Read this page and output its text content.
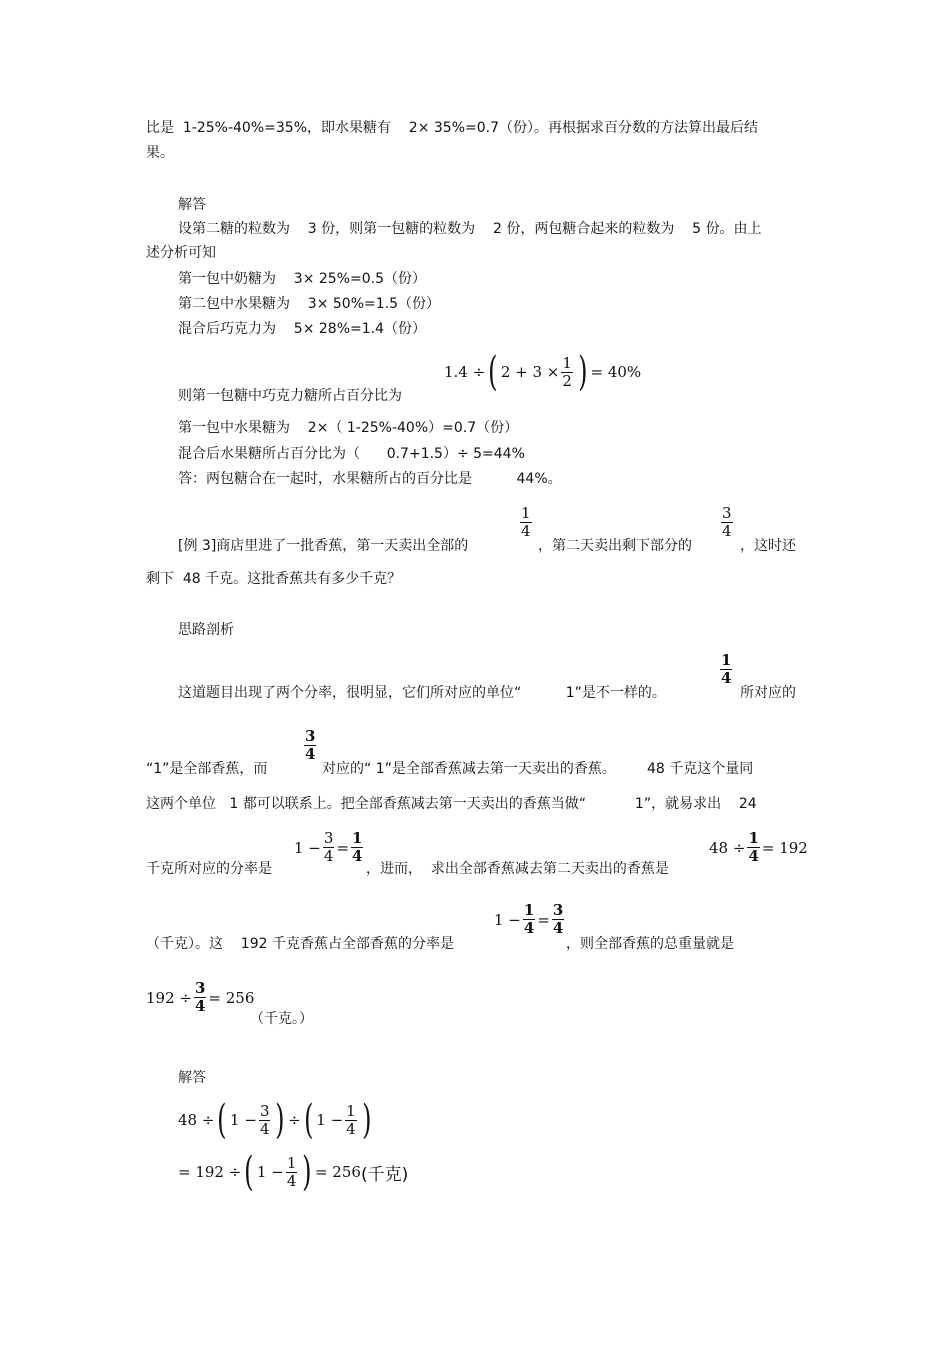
比是  1-25%-40%=35%，即水果糖有    2× 35%=0.7（份）。再根据求百分数的方法算出最后结
果。
解答
设第二糖的粒数为    3 份，则第一包糖的粒数为    2 份，两包糖合起来的粒数为    5 份。由上
述分析可知
第一包中奶糖为    3× 25%=0.5（份）
第二包中水果糖为    3× 50%=1.5（份）
混合后巧克力为    5× 28%=1.4（份）
1.4 ÷( $2 + 3 \times \frac{1}{2}$ ) = 40%
则第一包糖中巧克力糖所占百分比为
第一包中水果糖为    2×（ 1-25%-40%）=0.7（份）
混合后水果糖所占百分比为（      0.7+1.5）÷ 5=44%
答：两包糖合在一起时，水果糖所占的百分比是          44%。
[例 3]商店里进了一批香蕉，第一天卖出全部的
$\frac{1}{4}$
，第二天卖出剩下部分的
$\frac{3}{4}$
，这时还
剩下  48 千克。这批香蕉共有多少千克？
思路剖析
这道题目出现了两个分率，很明显，它们所对应的单位“          1”是不一样的。
$\frac{1}{4}$
所对应的
“1”是全部香蕉，而
$\frac{3}{4}$
对应的“ 1”是全部香蕉减去第一天卖出的香蕉。       48 千克这个量同
这两个单位   1 都可以联系上。把全部香蕉减去第一天卖出的香蕉当做“           1”，就易求出    24
千克所对应的分率是
$1 - \frac{3}{4} = \frac{1}{4}$
，进而，  求出全部香蕉减去第二天卖出的香蕉是
$48 \div \frac{1}{4} = 192$
（千克）。这    192 千克香蕉占全部香蕉的分率是
$1 - \frac{1}{4} = \frac{3}{4}$
，则全部香蕉的总重量就是
$192 \div \frac{3}{4} = 256$
（千克。）
解答
48 ÷( $1 - \frac{3}{4}$ ) ÷( $1 - \frac{1}{4}$ )
= 192 ÷( $1 - \frac{1}{4}$ ) = 256(千克)
